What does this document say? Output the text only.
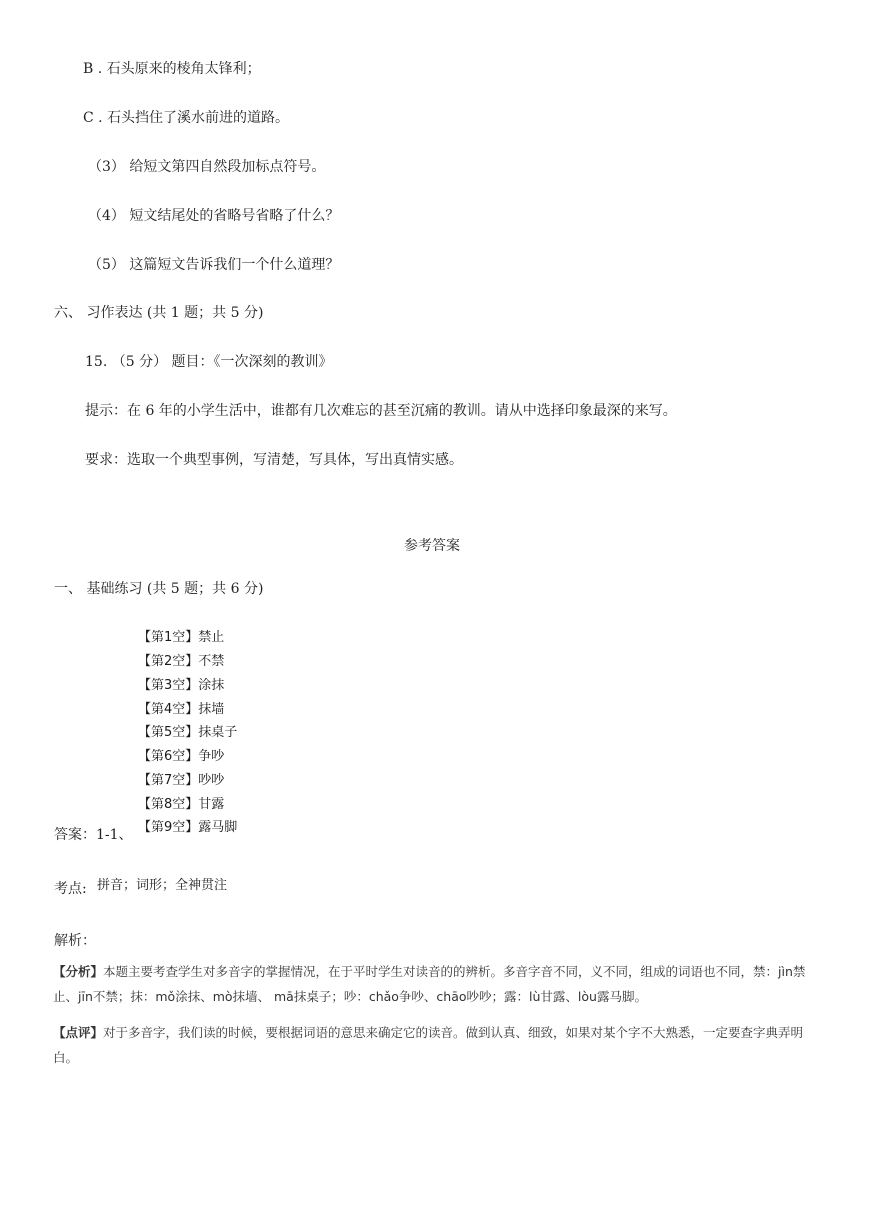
B . 石头原来的棱角太锋利；
C . 石头挡住了溪水前进的道路。
（3） 给短文第四自然段加标点符号。
（4） 短文结尾处的省略号省略了什么？
（5） 这篇短文告诉我们一个什么道理？
六、 习作表达 (共 1 题；共 5 分)
15. （5 分） 题目：《一次深刻的教训》
提示：在 6 年的小学生活中，谁都有几次难忘的甚至沉痛的教训。请从中选择印象最深的来写。
要求：选取一个典型事例，写清楚，写具体，写出真情实感。
参考答案
一、 基础练习 (共 5 题；共 6 分)
【第1空】禁止
【第2空】不禁
【第3空】涂抹
【第4空】抹墙
【第5空】抹桌子
【第6空】争吵
【第7空】吵吵
【第8空】甘露
【第9空】露马脚
答案：1-1、
考点: 拼音；词形；全神贯注
解析：
【分析】本题主要考查学生对多音字的掌握情况，在于平时学生对读音的的辨析。多音字音不同，义不同，组成的词语也不同，禁：jìn禁止、jīn不禁；抹：mǒ涂抹、mò抹墙、 mā抹桌子；吵：chǎo争吵、chāo吵吵；露：lù甘露、lòu露马脚。
【点评】对于多音字，我们读的时候，要根据词语的意思来确定它的读音。做到认真、细致，如果对某个字不大熟悉，一定要查字典弄明白。
